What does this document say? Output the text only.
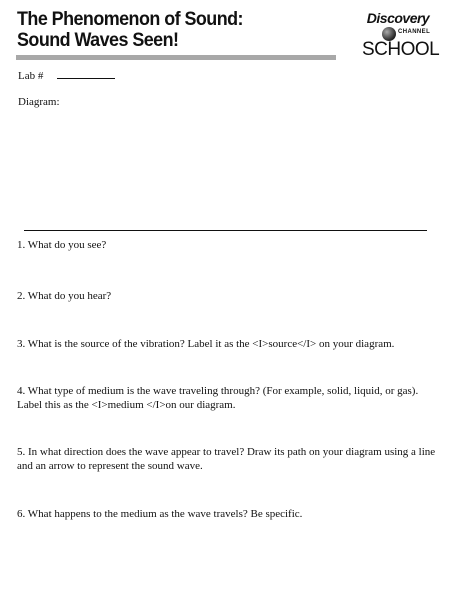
The Phenomenon of Sound:
Sound Waves Seen!
Discovery
CHANNEL
SCHOOL
Lab #
Diagram:
1. What do you see?
2. What do you hear?
3. What is the source of the vibration? Label it as the <I>source</I> on your diagram.
4. What type of medium is the wave traveling through? (For example, solid, liquid, or gas). Label this as the <I>medium </I>on our diagram.
5. In what direction does the wave appear to travel? Draw its path on your diagram using a line and an arrow to represent the sound wave.
6. What happens to the medium as the wave travels? Be specific.
